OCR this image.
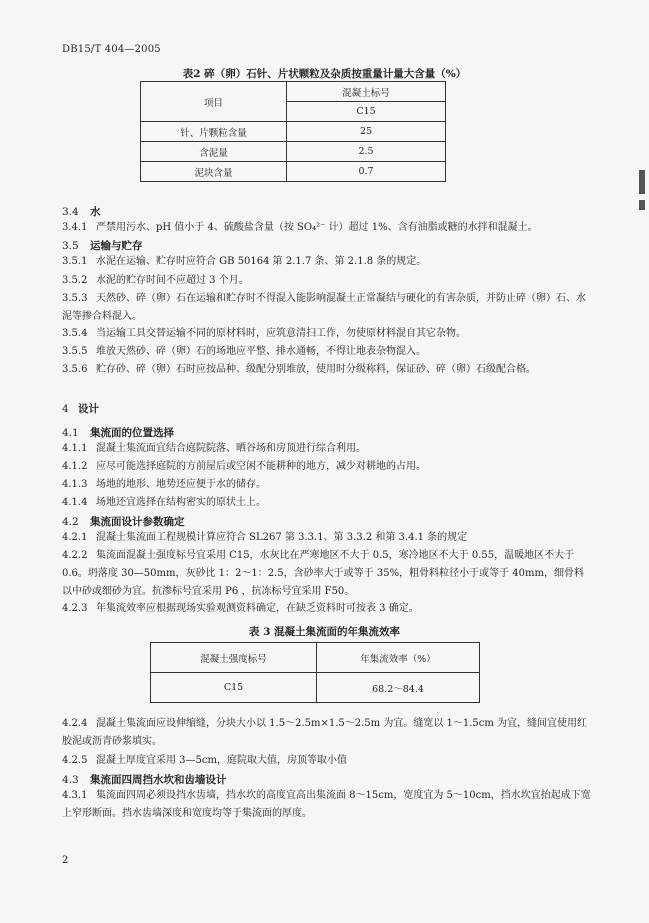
DB15/T 404—2005
表2 碎（卵）石针、片状颗粒及杂质按重量计量大含量（%）
项目	混凝土标号
	C15
针、片颗粒含量	25
含泥量	2.5
泥块含量	0.7
3.4 水
3.4.1 严禁用污水、pH 值小于 4、硫酸盐含量（按 SO₄²⁻ 计）超过 1%、含有油脂或糖的水拌和混凝土。
3.5 运输与贮存
3.5.1 水泥在运输、贮存时应符合 GB 50164 第 2.1.7 条、第 2.1.8 条的规定。
3.5.2 水泥的贮存时间不应超过 3 个月。
3.5.3 天然砂、碎（卵）石在运输和贮存时不得混入能影响混凝土正常凝结与硬化的有害杂质，并防止碎（卵）石、水泥等掺合料混入。
3.5.4 当运输工具交替运输不同的原材料时，应筑意清扫工作，勿使原材料混自其它杂物。
3.5.5 堆放天然砂、碎（卵）石的场地应平整、排水通畅，不得让地表杂物混入。
3.5.6 贮存砂、碎（卵）石时应按品种、级配分别堆放，使用时分级称料，保证砂、碎（卵）石级配合格。
4 设计
4.1 集流面的位置选择
4.1.1 混凝土集流面宜结合庭院院落、晒谷场和房顶进行综合利用。
4.1.2 应尽可能选择庭院的方前屋后或空闲不能耕种的地方，减少对耕地的占用。
4.1.3 场地的地形、地势还应便于水的储存。
4.1.4 场地还宜选择在结构密实的原状土上。
4.2 集流面设计参数确定
4.2.1 混凝土集流面工程规模计算应符合 SL267 第 3.3.1、第 3.3.2 和第 3.4.1 条的规定
4.2.2 集流面混凝土强度标号宜采用 C15，水灰比在严寒地区不大于 0.5，寒冷地区不大于 0.55，温暖地区不大于 0.6。坍落度 30—50mm，灰砂比 1：2～1：2.5，含砂率大于或等于 35%，粗骨料粒径小于或等于 40mm，细骨料以中砂或细砂为宜。抗渗标号宜采用 P6 ，抗冻标号宜采用 F50。
4.2.3 年集流效率应根据现场实验观测资料确定，在缺乏资料时可按表 3 确定。
表 3 混凝土集流面的年集流效率
混凝土强度标号	年集流效率（%）
C15	68.2～84.4
4.2.4 混凝土集流面应设伸缩缝，分块大小以 1.5～2.5m×1.5～2.5m 为宜。缝宽以 1～1.5cm 为宜，缝间宜使用红胶泥或沥青砂浆填实。
4.2.5 混凝土厚度宜采用 3—5cm，庭院取大值，房顶等取小值
4.3 集流面四周挡水坎和齿墙设计
4.3.1 集流面四周必须设挡水齿墙，挡水坎的高度宜高出集流面 8～15cm，宽度宜为 5～10cm，挡水坎宜抬起成下宽上窄形断面。挡水齿墙深度和宽度均等于集流面的厚度。
2
